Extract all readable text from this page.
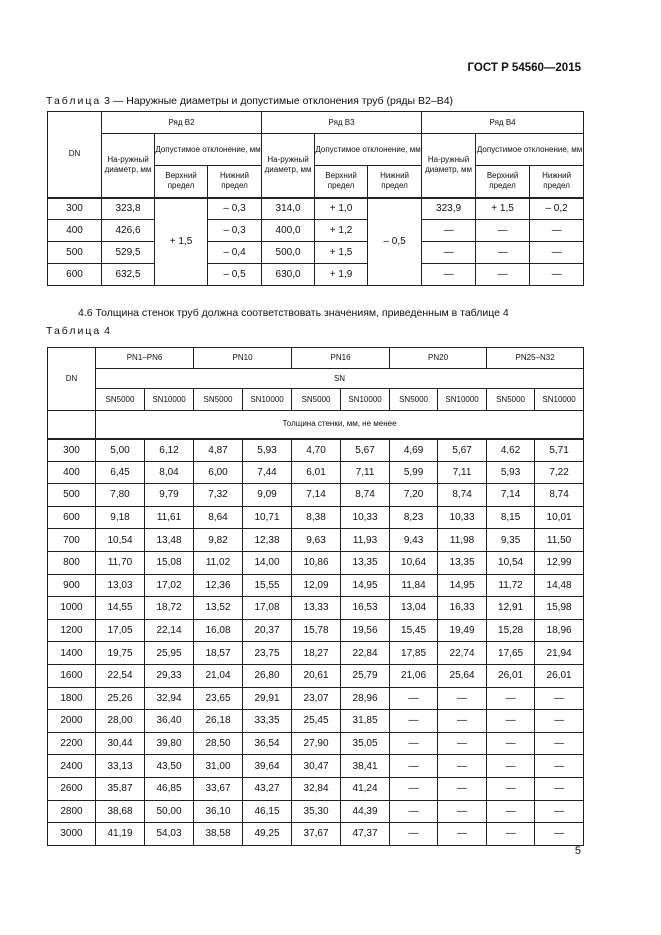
ГОСТ Р 54560—2015
Таблица 3 — Наружные диаметры и допустимые отклонения труб (ряды В2–В4)
DN	Ряд В2			Ряд В3			Ряд В4		
	На-ружный диаметр, мм	Допустимое отклонение, мм		На-ружный диаметр, мм	Допустимое отклонение, мм		На-ружный диаметр, мм	Допустимое отклонение, мм	
		Верхний предел	Нижний предел		Верхний предел	Нижний предел		Верхний предел	Нижний предел
300	323,8	+ 1,5	– 0,3	314,0	+ 1,0	– 0,5	323,9	+ 1,5	– 0,2
400	426,6		– 0,3	400,0	+ 1,2		—	—	—
500	529,5		– 0,4	500,0	+ 1,5		—	—	—
600	632,5		– 0,5	630,0	+ 1,9		—	—	—
4.6 Толщина стенок труб должна соответствовать значениям, приведенным в таблице 4
Таблица 4
DN	PN1–PN6		PN10		PN16		PN20		PN25–N32	
	SN									
	SN5000	SN10000	SN5000	SN10000	SN5000	SN10000	SN5000	SN10000	SN5000	SN10000
	Толщина стенки, мм, не менее									
300	5,00	6,12	4,87	5,93	4,70	5,67	4,69	5,67	4,62	5,71
400	6,45	8,04	6,00	7,44	6,01	7,11	5,99	7,11	5,93	7,22
500	7,80	9,79	7,32	9,09	7,14	8,74	7,20	8,74	7,14	8,74
600	9,18	11,61	8,64	10,71	8,38	10,33	8,23	10,33	8,15	10,01
700	10,54	13,48	9,82	12,38	9,63	11,93	9,43	11,98	9,35	11,50
800	11,70	15,08	11,02	14,00	10,86	13,35	10,64	13,35	10,54	12,99
900	13,03	17,02	12,36	15,55	12,09	14,95	11,84	14,95	11,72	14,48
1000	14,55	18,72	13,52	17,08	13,33	16,53	13,04	16,33	12,91	15,98
1200	17,05	22,14	16,08	20,37	15,78	19,56	15,45	19,49	15,28	18,96
1400	19,75	25,95	18,57	23,75	18,27	22,84	17,85	22,74	17,65	21,94
1600	22,54	29,33	21,04	26,80	20,61	25,79	21,06	25,64	26,01	26,01
1800	25,26	32,94	23,65	29,91	23,07	28,96	—	—	—	—
2000	28,00	36,40	26,18	33,35	25,45	31,85	—	—	—	—
2200	30,44	39,80	28,50	36,54	27,90	35,05	—	—	—	—
2400	33,13	43,50	31,00	39,64	30,47	38,41	—	—	—	—
2600	35,87	46,85	33,67	43,27	32,84	41,24	—	—	—	—
2800	38,68	50,00	36,10	46,15	35,30	44,39	—	—	—	—
3000	41,19	54,03	38,58	49,25	37,67	47,37	—	—	—	—
5
